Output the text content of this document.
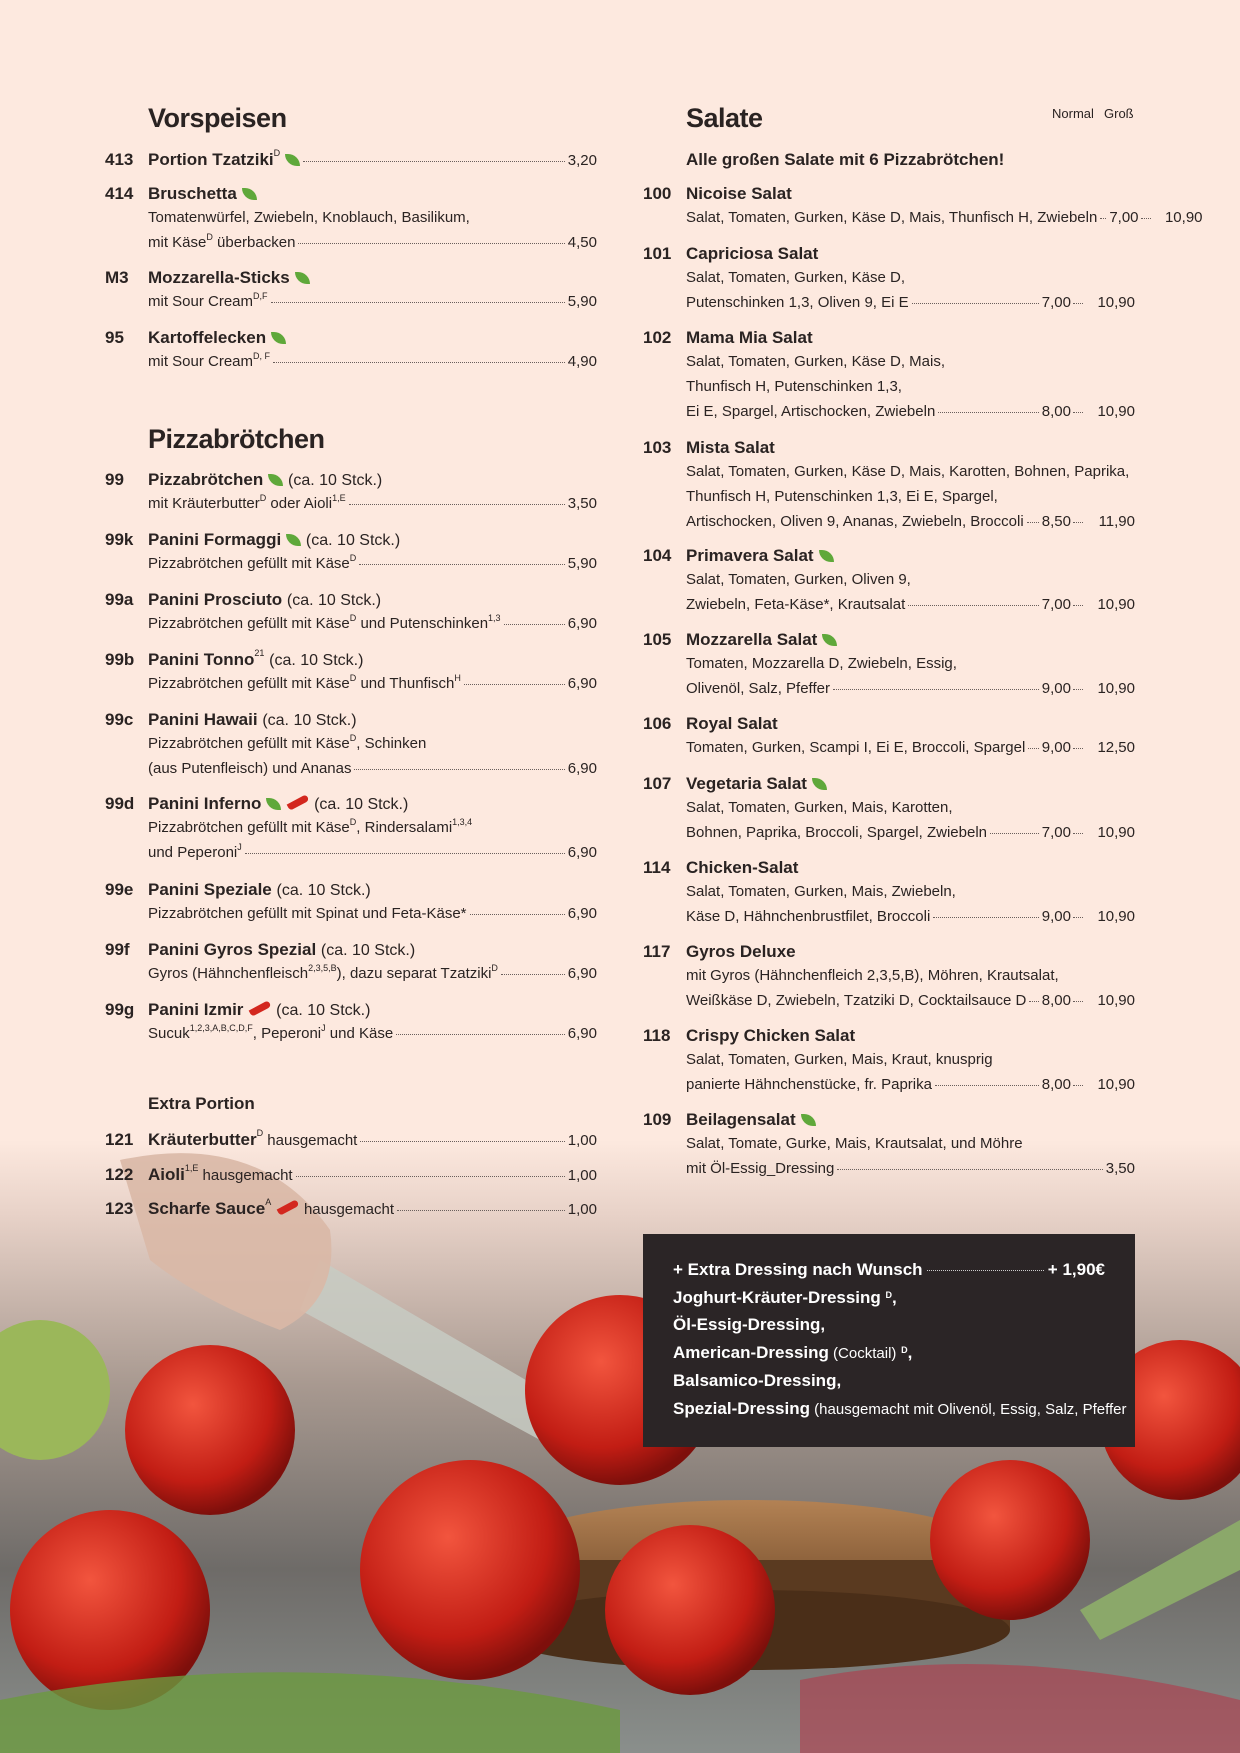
Vorspeisen
413 Portion Tzatziki$^D$	3,20
414 Bruschetta
Tomatenwürfel, Zwiebeln, Knoblauch, Basilikum,
mit Käse$^D$ überbacken	4,50
M3 Mozzarella-Sticks
mit Sour Cream$^{D,F}$	5,90
95 Kartoffelecken
mit Sour Cream$^{D, F}$	4,90
Pizzabrötchen
99 Pizzabrötchen (ca. 10 Stck.)
mit Kräuterbutter$^D$ oder Aioli$^{1,E}$	3,50
99k Panini Formaggi (ca. 10 Stck.)
Pizzabrötchen gefüllt mit Käse$^D$	5,90
99a Panini Prosciuto (ca. 10 Stck.)
Pizzabrötchen gefüllt mit Käse$^D$ und Putenschinken$^{1,3}$	6,90
99b Panini Tonno$^{21}$ (ca. 10 Stck.)
Pizzabrötchen gefüllt mit Käse$^D$ und Thunfisch$^H$	6,90
99c Panini Hawaii (ca. 10 Stck.)
Pizzabrötchen gefüllt mit Käse$^D$, Schinken
(aus Putenfleisch) und Ananas	6,90
99d Panini Inferno	(ca. 10 Stck.)
Pizzabrötchen gefüllt mit Käse$^D$, Rindersalami$^{1,3,4}$
und Peperoni$^J$	6,90
99e Panini Speziale (ca. 10 Stck.)
Pizzabrötchen gefüllt mit Spinat und Feta-Käse*	6,90
99f Panini Gyros Spezial (ca. 10 Stck.)
Gyros (Hähnchenfleisch$^{2,3,5,B}$), dazu separat Tzatziki$^D$	6,90
99g Panini Izmir (ca. 10 Stck.)
Sucuk$^{1,2,3,A,B,C,D,F}$, Peperoni$^J$ und Käse	6,90
Extra Portion
121 Kräuterbutter$^D$ hausgemacht	1,00
122 Aioli$^{1,E}$ hausgemacht	1,00
123 Scharfe Sauce$^A$ hausgemacht	1,00
Salate	Normal Groß
Alle großen Salate mit 6 Pizzabrötchen!
100 Nicoise Salat
Salat, Tomaten, Gurken, Käse D, Mais, Thunfisch H, Zwiebeln 7,00	10,90
101 Capriciosa Salat
Salat, Tomaten, Gurken, Käse D,
Putenschinken 1,3, Oliven 9, Ei E	7,00	10,90
102 Mama Mia Salat
Salat, Tomaten, Gurken, Käse D, Mais,
Thunfisch H, Putenschinken 1,3,
Ei E, Spargel, Artischocken, Zwiebeln	8,00	10,90
103 Mista Salat
Salat, Tomaten, Gurken, Käse D, Mais, Karotten, Bohnen, Paprika,
Thunfisch H, Putenschinken 1,3, Ei E, Spargel,
Artischocken, Oliven 9, Ananas, Zwiebeln, Broccoli 8,50	11,90
104 Primavera Salat
Salat, Tomaten, Gurken, Oliven 9,
Zwiebeln, Feta-Käse*, Krautsalat	7,00	10,90
105 Mozzarella Salat
Tomaten, Mozzarella D, Zwiebeln, Essig,
Olivenöl, Salz, Pfeffer	9,00	10,90
106 Royal Salat
Tomaten, Gurken, Scampi I, Ei E, Broccoli, Spargel 9,00	12,50
107 Vegetaria Salat
Salat, Tomaten, Gurken, Mais, Karotten,
Bohnen, Paprika, Broccoli, Spargel, Zwiebeln	7,00	10,90
114 Chicken-Salat
Salat, Tomaten, Gurken, Mais, Zwiebeln,
Käse D, Hähnchenbrustfilet, Broccoli	9,00	10,90
117 Gyros Deluxe
mit Gyros (Hähnchenfleich 2,3,5,B), Möhren, Krautsalat,
Weißkäse D, Zwiebeln, Tzatziki D, Cocktailsauce D 8,00	10,90
118 Crispy Chicken Salat
Salat, Tomaten, Gurken, Mais, Kraut, knusprig
panierte Hähnchenstücke, fr. Paprika	8,00	10,90
109 Beilagensalat
Salat, Tomate, Gurke, Mais, Krautsalat, und Möhre
mit Öl-Essig_Dressing	3,50
+ Extra Dressing nach Wunsch	+ 1,90€
Joghurt-Kräuter-Dressing $^D$,
Öl-Essig-Dressing,
American-Dressing (Cocktail) $^D$,
Balsamico-Dressing,
Spezial-Dressing (hausgemacht mit Olivenöl, Essig, Salz, Pfeffer
